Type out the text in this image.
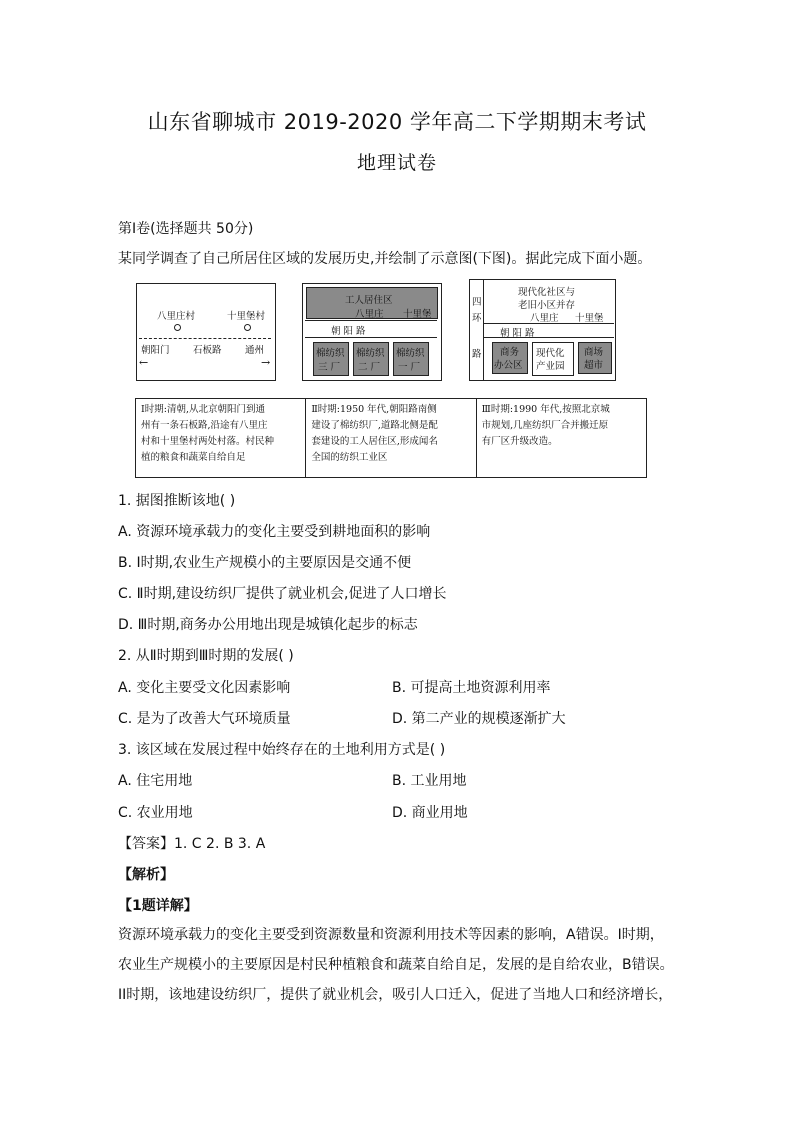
山东省聊城市 2019-2020 学年高二下学期期末考试
地理试卷
第Ⅰ卷(选择题共 50分)
某同学调查了自己所居住区域的发展历史,并绘制了示意图(下图)。据此完成下面小题。
八里庄村	十里堡村
朝阳门 石板路 通州
←	→
工人居住区
八里庄 十里堡
朝 阳 路
棉纺织
三 厂
棉纺织
二 厂
棉纺织
一 厂
四
环
路
现代化社区与
老旧小区并存
八里庄 十里堡
朝 阳 路
商务
办公区
现代化
产业园
商场
超市
Ⅰ时期:清朝,从北京朝阳门到通
州有一条石板路,沿途有八里庄
村和十里堡村两处村落。村民种
植的粮食和蔬菜自给自足
Ⅱ时期:1950 年代,朝阳路南侧
建设了棉纺织厂,道路北侧是配
套建设的工人居住区,形成闻名
全国的纺织工业区
Ⅲ时期:1990 年代,按照北京城
市规划,几座纺织厂合并搬迁原
有厂区升级改造。
1. 据图推断该地( )
A. 资源环境承载力的变化主要受到耕地面积的影响
B. Ⅰ时期,农业生产规模小的主要原因是交通不便
C. Ⅱ时期,建设纺织厂提供了就业机会,促进了人口增长
D. Ⅲ时期,商务办公用地出现是城镇化起步的标志
2. 从Ⅱ时期到Ⅲ时期的发展( )
A. 变化主要受文化因素影响	B. 可提高土地资源利用率
C. 是为了改善大气环境质量	D. 第二产业的规模逐渐扩大
3. 该区域在发展过程中始终存在的土地利用方式是( )
A. 住宅用地	B. 工业用地
C. 农业用地	D. 商业用地
【答案】1. C 2. B 3. A
【解析】
【1题详解】
资源环境承载力的变化主要受到资源数量和资源利用技术等因素的影响，A错误。I时期，
农业生产规模小的主要原因是村民种植粮食和蔬菜自给自足，发展的是自给农业，B错误。
II时期，该地建设纺织厂，提供了就业机会，吸引人口迁入，促进了当地人口和经济增长，
